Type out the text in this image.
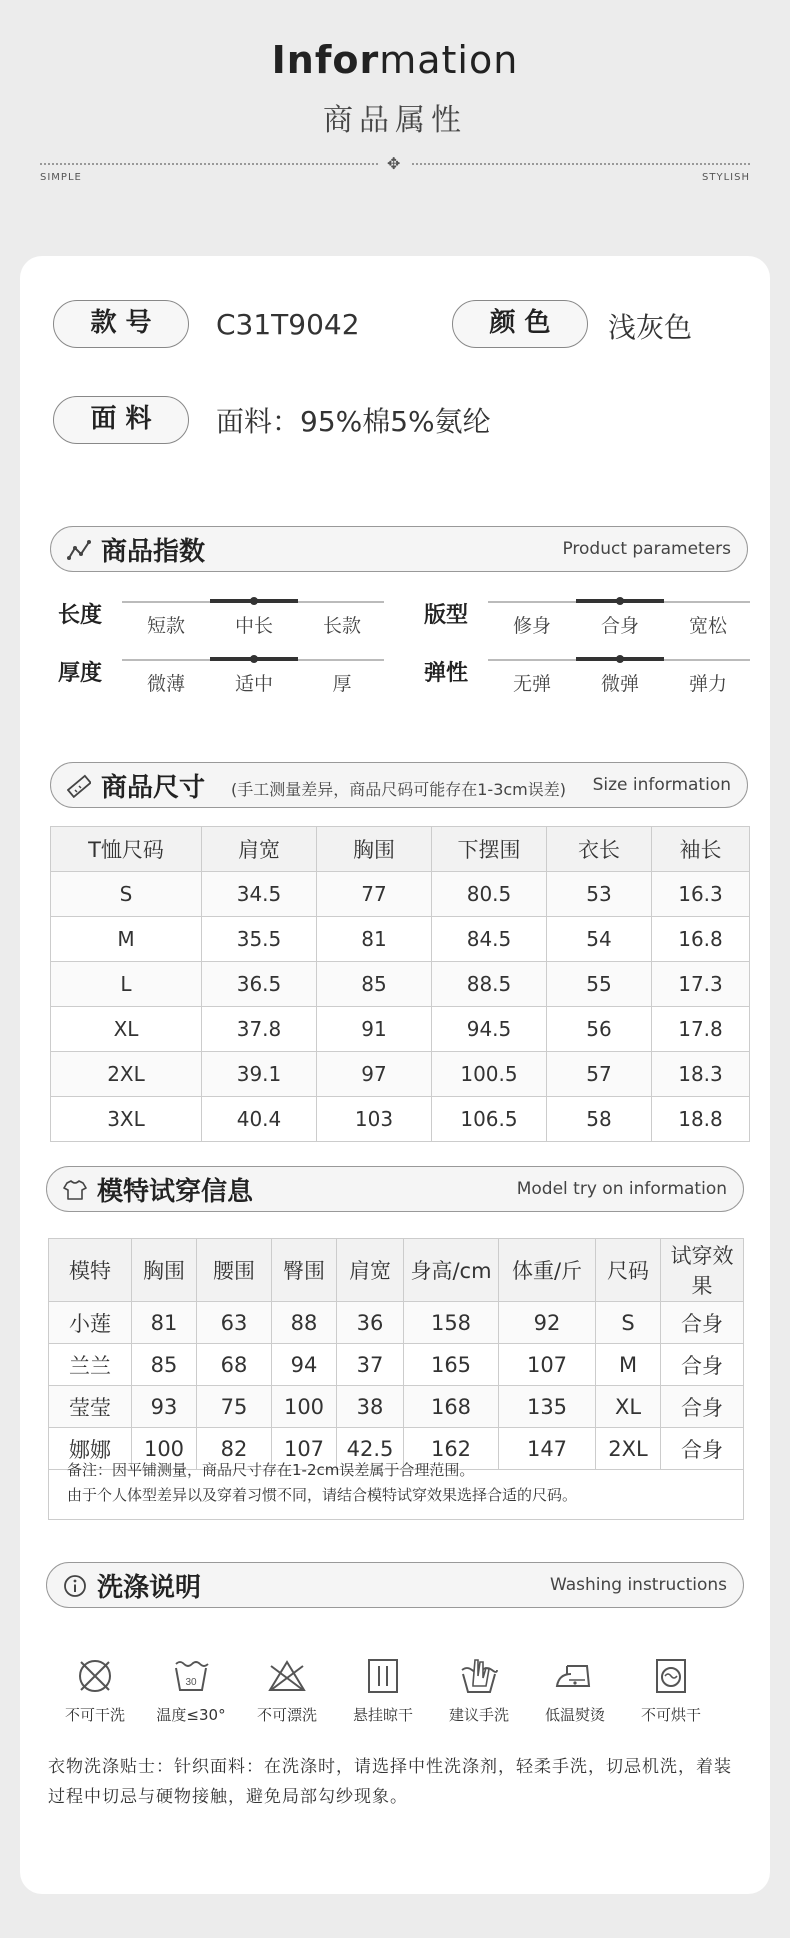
Information
商品属性
✥
SIMPLE	STYLISH
款 号	C31T9042	颜 色	浅灰色
面 料	面料：95%棉5%氨纶
商品指数	Product parameters
长度	短款	中长	长款	版型	修身	合身	宽松
厚度	微薄	适中	厚	弹性	无弹	微弹	弹力
商品尺寸 (手工测量差异，商品尺码可能存在1-3cm误差) Size information
T恤尺码	肩宽	胸围	下摆围	衣长	袖长
S	34.5	77	80.5	53	16.3
M	35.5	81	84.5	54	16.8
L	36.5	85	88.5	55	17.3
XL	37.8	91	94.5	56	17.8
2XL	39.1	97	100.5	57	18.3
3XL	40.4	103	106.5	58	18.8
模特试穿信息	Model try on information
模特	胸围	腰围	臀围	肩宽	身高/cm	体重/斤	尺码	试穿效果
小莲	81	63	88	36	158	92	S	合身
兰兰	85	68	94	37	165	107	M	合身
莹莹	93	75	100	38	168	135	XL	合身
娜娜	100	82	107	42.5	162	147	2XL	合身
备注：因平铺测量，商品尺寸存在1-2cm误差属于合理范围。
由于个人体型差异以及穿着习惯不同，请结合模特试穿效果选择合适的尺码。
洗涤说明	Washing instructions
不可干洗
30
温度≤30°	不可漂洗	悬挂晾干	建议手洗	低温熨烫	不可烘干
衣物洗涤贴士：针织面料：在洗涤时，请选择中性洗涤剂，轻柔手洗，切忌机洗，着装过程中切忌与硬物接触，避免局部勾纱现象。
